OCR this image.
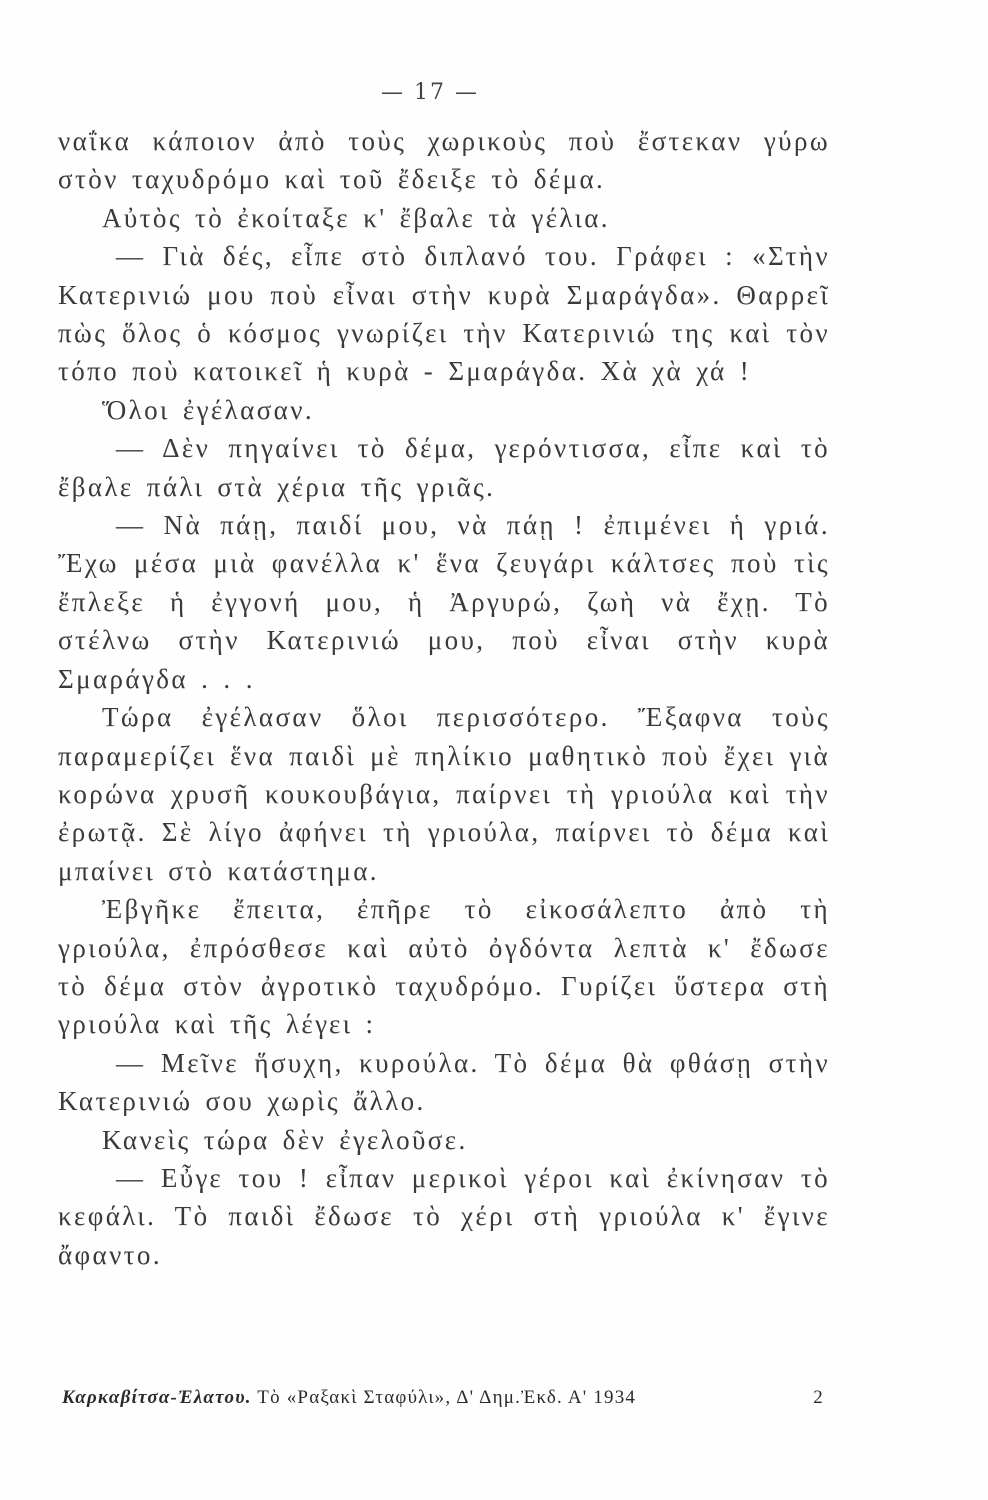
— 17 —

ναΐκα κάποιον ἀπὸ τοὺς χωρικοὺς ποὺ ἔστεκαν γύρω στὸν ταχυδρόμο καὶ τοῦ ἔδειξε τὸ δέμα.

Αὐτὸς τὸ ἐκοίταξε κ' ἔβαλε τὰ γέλια.

— Γιὰ δές, εἶπε στὸ διπλανό του. Γράφει : «Στὴν Κατερινιώ μου ποὺ εἶναι στὴν κυρὰ Σμαράγδα». Θαρρεῖ πὼς ὅλος ὁ κόσμος γνωρίζει τὴν Κατερινιώ της καὶ τὸν τόπο ποὺ κατοικεῖ ἡ κυρὰ - Σμαράγδα. Χὰ χὰ χά !

Ὅλοι ἐγέλασαν.

— Δὲν πηγαίνει τὸ δέμα, γερόντισσα, εἶπε καὶ τὸ ἔβαλε πάλι στὰ χέρια τῆς γριᾶς.

— Νὰ πάῃ, παιδί μου, νὰ πάῃ ! ἐπιμένει ἡ γριά. Ἔχω μέσα μιὰ φανέλλα κ' ἕνα ζευγάρι κάλτσες ποὺ τὶς ἔπλεξε ἡ ἐγγονή μου, ἡ Ἀργυρώ, ζωὴ νὰ ἔχῃ. Τὸ στέλνω στὴν Κατερινιώ μου, ποὺ εἶναι στὴν κυρὰ Σμαράγδα . . .

Τώρα ἐγέλασαν ὅλοι περισσότερο. Ἔξαφνα τοὺς παραμερίζει ἕνα παιδὶ μὲ πηλίκιο μαθητικὸ ποὺ ἔχει γιὰ κορώνα χρυσῆ κουκουβάγια, παίρνει τὴ γριούλα καὶ τὴν ἐρωτᾷ. Σὲ λίγο ἀφήνει τὴ γριούλα, παίρνει τὸ δέμα καὶ μπαίνει στὸ κατάστημα.

Ἐβγῆκε ἔπειτα, ἐπῆρε τὸ εἰκοσάλεπτο ἀπὸ τὴ γριούλα, ἐπρόσθεσε καὶ αὐτὸ ὀγδόντα λεπτὰ κ' ἔδωσε τὸ δέμα στὸν ἀγροτικὸ ταχυδρόμο. Γυρίζει ὕστερα στὴ γριούλα καὶ τῆς λέγει :

— Μεῖνε ἥσυχη, κυρούλα. Τὸ δέμα θὰ φθάσῃ στὴν Κατερινιώ σου χωρὶς ἄλλο.

Κανεὶς τώρα δὲν ἐγελοῦσε.

— Εὖγε του ! εἶπαν μερικοὶ γέροι καὶ ἐκίνησαν τὸ κεφάλι. Τὸ παιδὶ ἔδωσε τὸ χέρι στὴ γριούλα κ' ἔγινε ἄφαντο.

Καρκαβίτσα-Ἐλατου. Τὸ «Ραξακὶ Σταφύλι», Δ' Δημ.Ἐκδ. Α' 1934	2
